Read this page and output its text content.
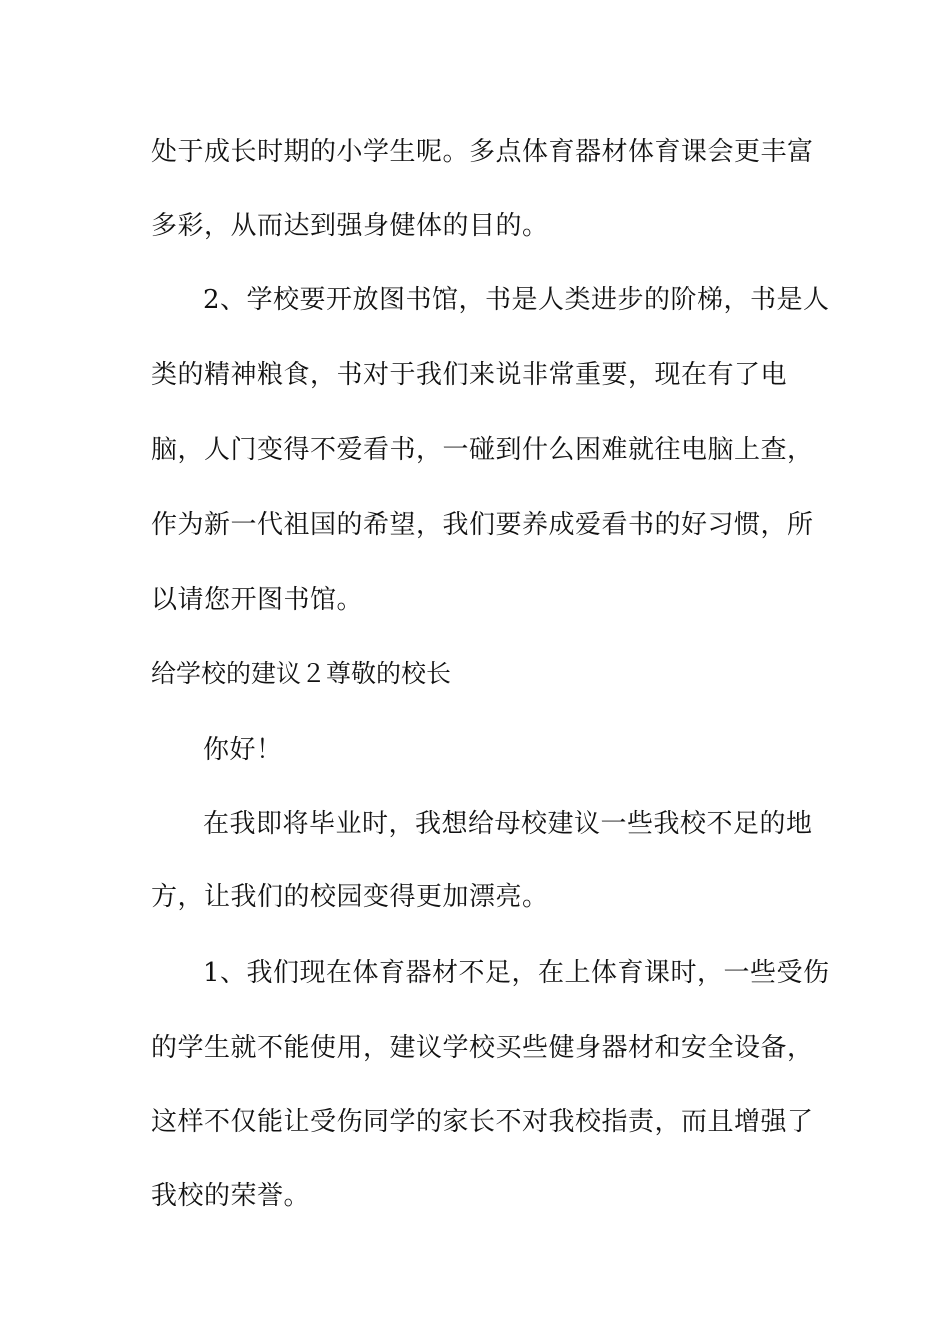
处于成长时期的小学生呢。多点体育器材体育课会更丰富
多彩，从而达到强身健体的目的。
2、学校要开放图书馆，书是人类进步的阶梯，书是人
类的精神粮食，书对于我们来说非常重要，现在有了电
脑，人门变得不爱看书，一碰到什么困难就往电脑上查，
作为新一代祖国的希望，我们要养成爱看书的好习惯，所
以请您开图书馆。
给学校的建议２尊敬的校长
你好！
在我即将毕业时，我想给母校建议一些我校不足的地
方，让我们的校园变得更加漂亮。
1、我们现在体育器材不足，在上体育课时，一些受伤
的学生就不能使用，建议学校买些健身器材和安全设备，
这样不仅能让受伤同学的家长不对我校指责，而且增强了
我校的荣誉。
